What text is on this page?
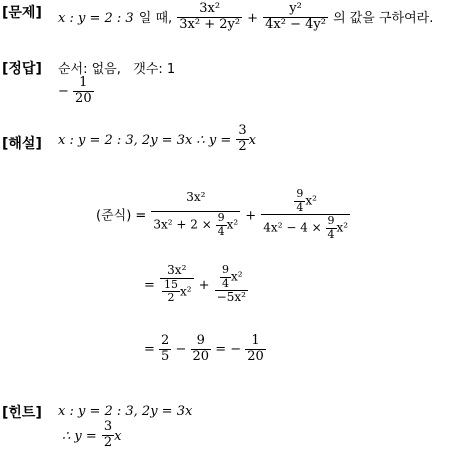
[문제] x : y = 2 : 3 일 때, $\frac{\text{3x²}}{\text{3x² + 2y²}} + \frac{\text{y²}}{\text{4x² − 4y²}}$ 의 값을 구하여라.
[정답] 순서: 없음, 갯수: 1
− $\frac{1}{20}$
[해설] x : y = 2 : 3, 2y = 3x ∴ $y = \frac{3}{2}$ x
(준식) = $\frac{\text{3x²}}{3x^2 + 2 \times \frac{9}{4} x^2} + \frac{\frac{9}{4} x^2}{4x^2 - 4 \times \frac{9}{4} x^2}$
= $\frac{\text{3x²}}{\frac{15}{2} x^2} + \frac{\frac{9}{4} x^2}{\text{−5x²}}$
= $\frac{2}{5} - \frac{9}{20}$ = − $\frac{1}{20}$
[힌트] x : y = 2 : 3, 2y = 3x
∴ $y = \frac{3}{2}$ x
